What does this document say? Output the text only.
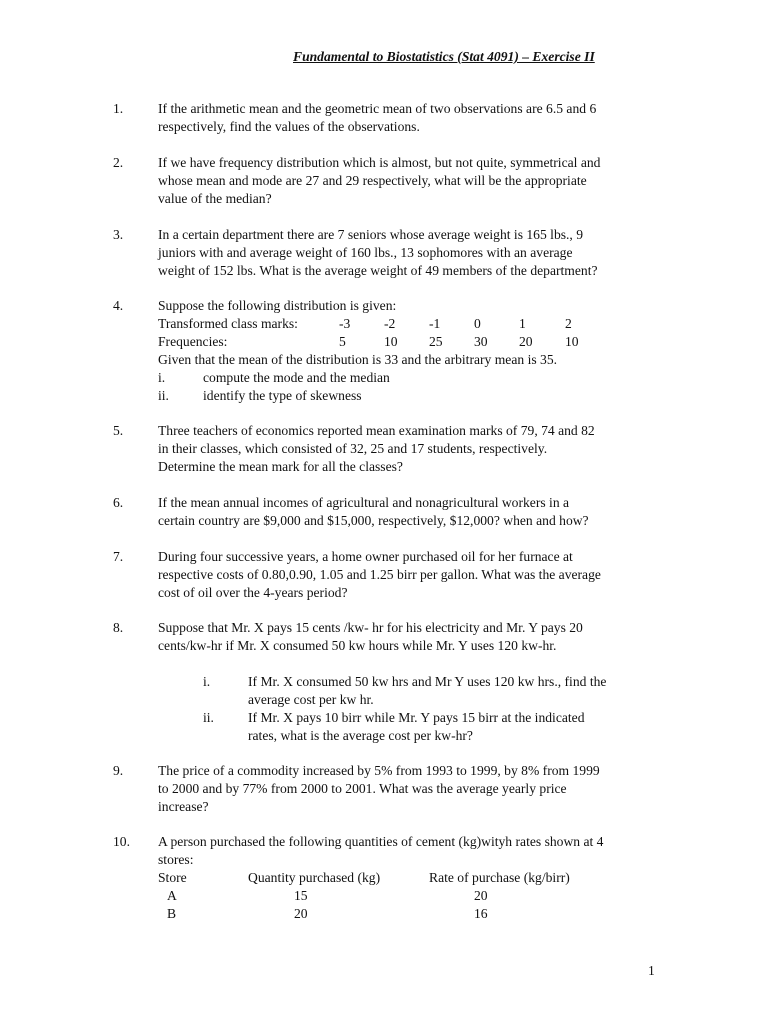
Fundamental to Biostatistics (Stat 4091) – Exercise II
1.	If the arithmetic mean and the geometric mean of two observations are 6.5 and 6
respectively, find the values of the observations.
2.	If we have frequency distribution which is almost, but not quite, symmetrical and
whose mean and mode are 27 and 29 respectively, what will be the appropriate
value of the median?
3.	In a certain department there are 7 seniors whose average weight is 165 lbs., 9
juniors with and average weight of 160 lbs., 13 sophomores with an average
weight of 152 lbs. What is the average weight of 49 members of the department?
4.	Suppose the following distribution is given:
Transformed class marks:	-3 -2 -1 0	1	2
Frequencies:	5	10 25 30 20 10
Given that the mean of the distribution is 33 and the arbitrary mean is 35.
i.	compute the mode and the median
ii.	identify the type of skewness
5.	Three teachers of economics reported mean examination marks of 79, 74 and 82
in their classes, which consisted of 32, 25 and 17 students, respectively.
Determine the mean mark for all the classes?
6.	If the mean annual incomes of agricultural and nonagricultural workers in a
certain country are $9,000 and $15,000, respectively, $12,000? when and how?
7.	During four successive years, a home owner purchased oil for her furnace at
respective costs of 0.80,0.90, 1.05 and 1.25 birr per gallon. What was the average
cost of oil over the 4-years period?
8.	Suppose that Mr. X pays 15 cents /kw- hr for his electricity and Mr. Y pays 20
cents/kw-hr if Mr. X consumed 50 kw hours while Mr. Y uses 120 kw-hr.
i.	If Mr. X consumed 50 kw hrs and Mr Y uses 120 kw hrs., find the
average cost per kw hr.
ii.	If Mr. X pays 10 birr while Mr. Y pays 15 birr at the indicated
rates, what is the average cost per kw-hr?
9.	The price of a commodity increased by 5% from 1993 to 1999, by 8% from 1999
to 2000 and by 77% from 2000 to 2001. What was the average yearly price
increase?
10. A person purchased the following quantities of cement (kg)wityh rates shown at 4
stores:
Store	Quantity purchased (kg)	Rate of purchase (kg/birr)
A	15	20
B	20	16
1
